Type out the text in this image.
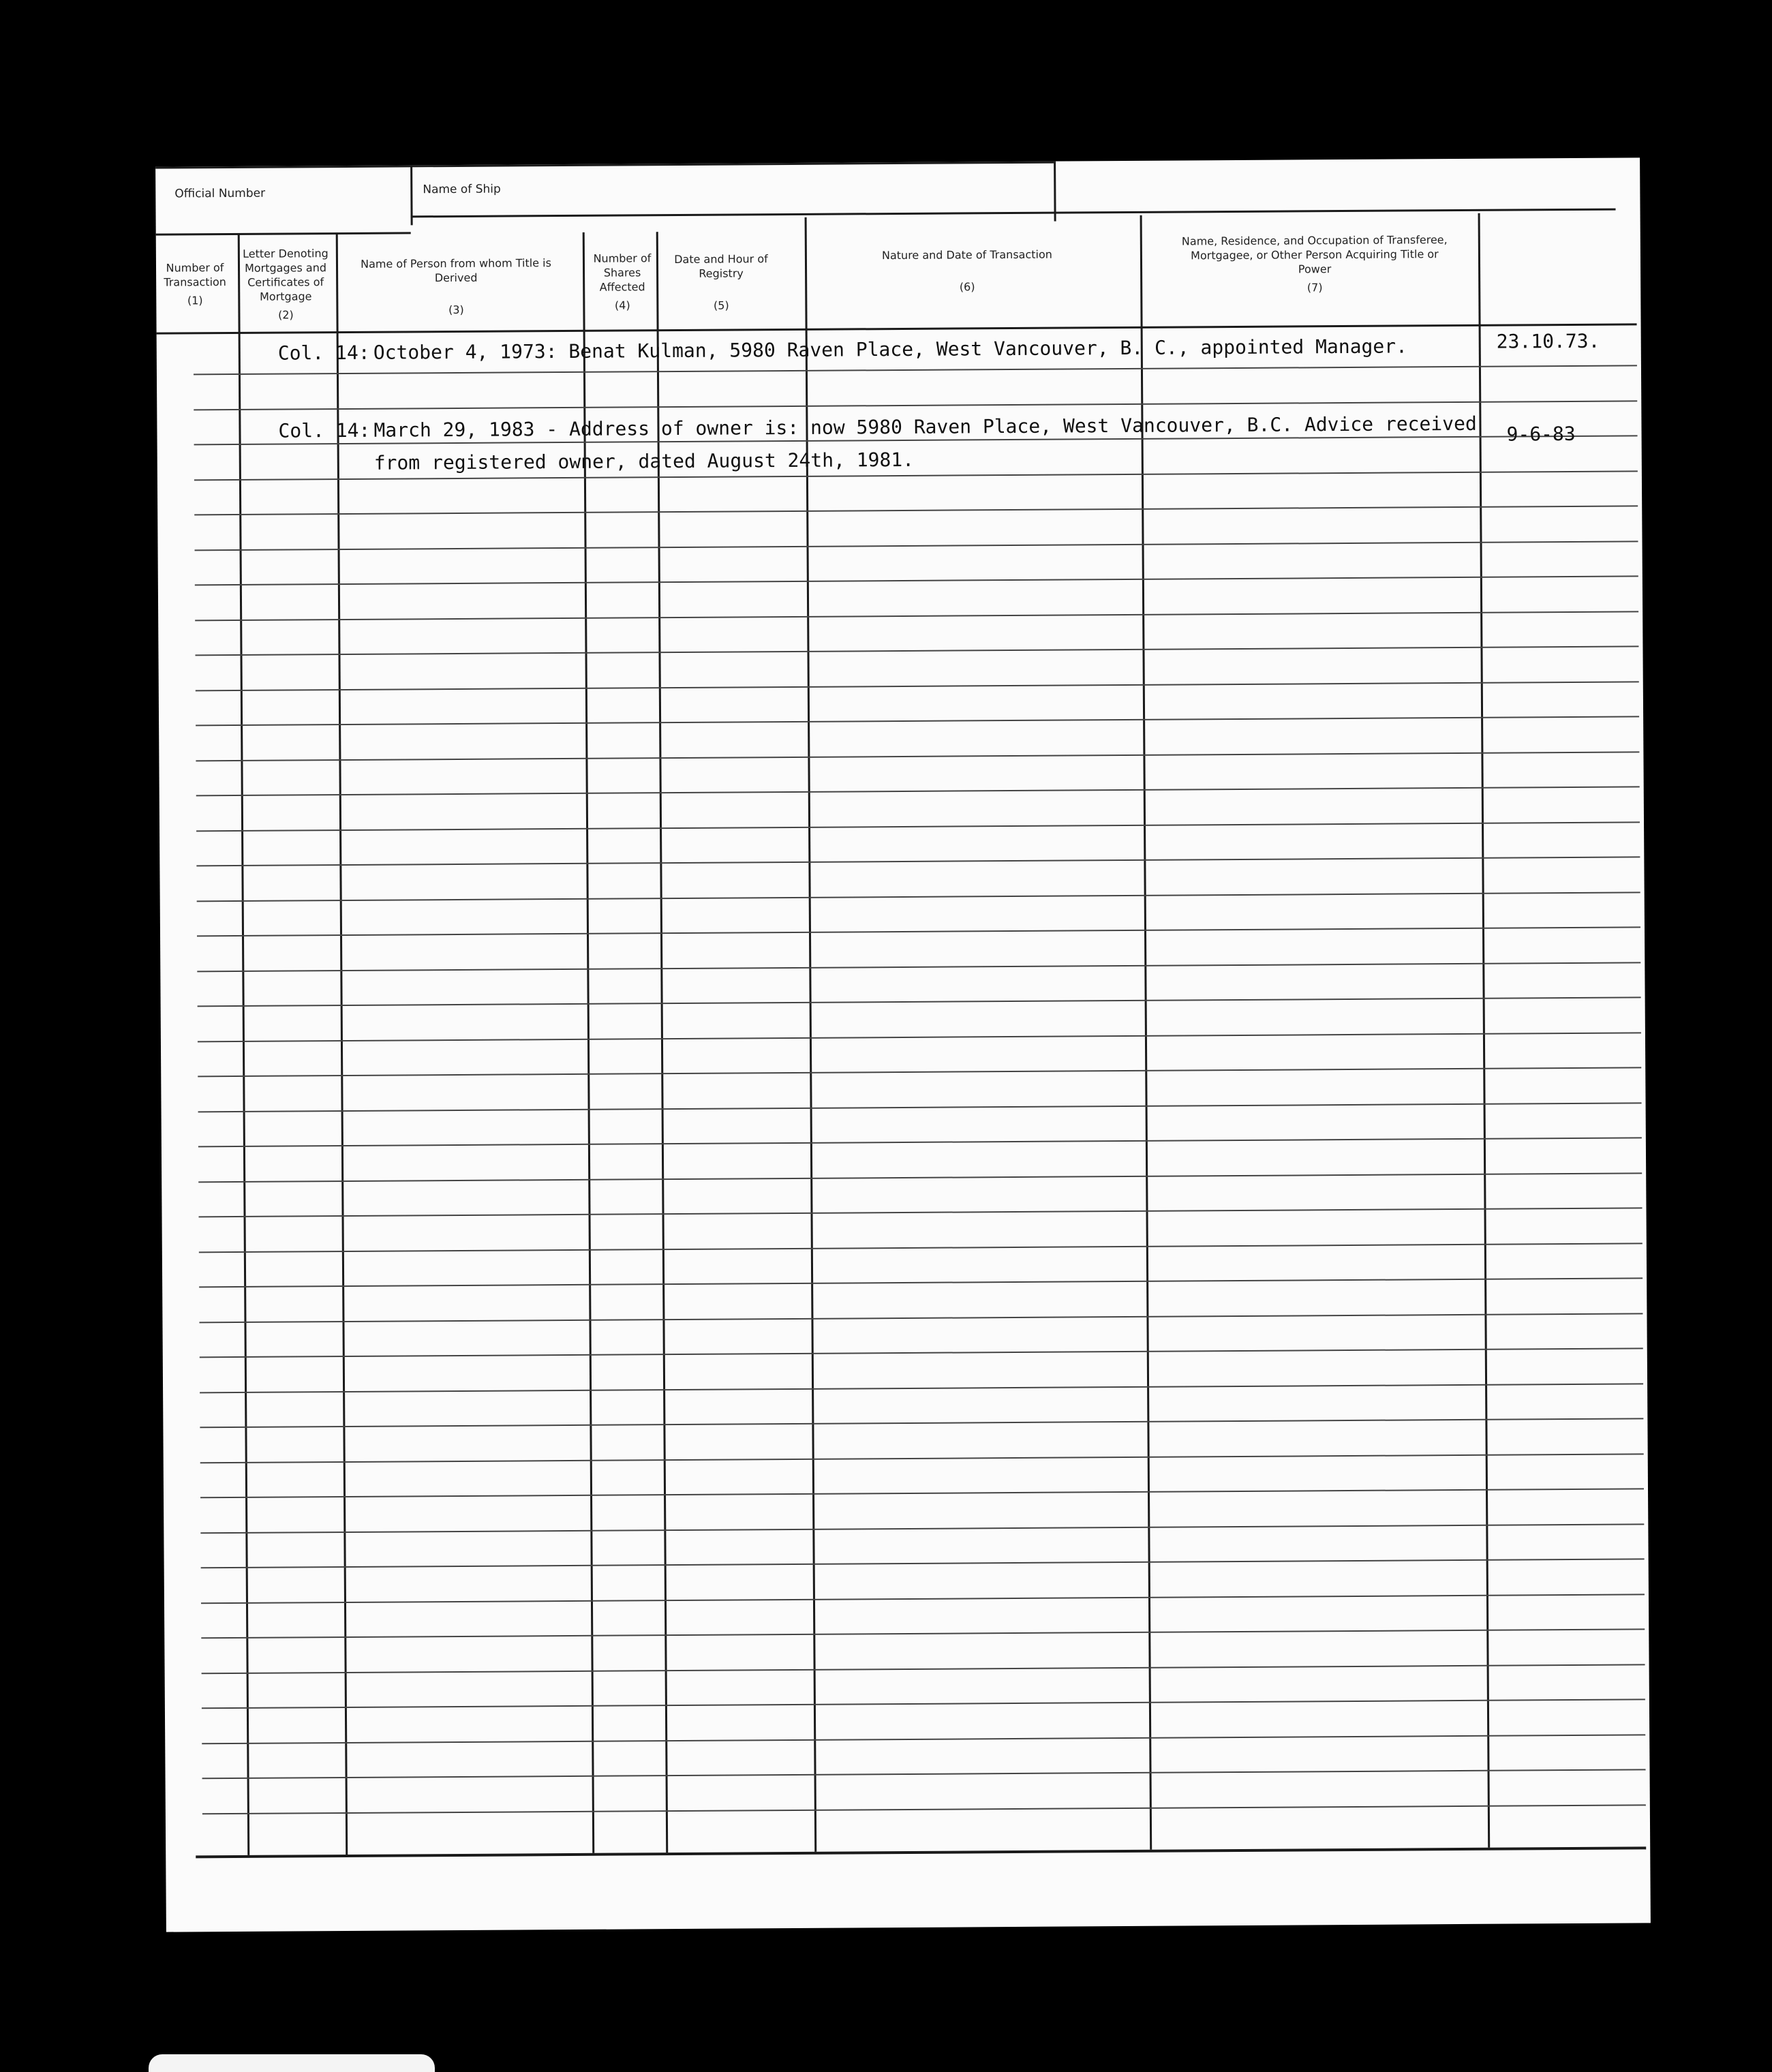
Official Number	Name of Ship
Number of Transaction
(1)
Letter Denoting Mortgages and Certificates of Mortgage
(2)
Name of Person from whom Title is Derived
(3)
Number of Shares Affected
(4)
Date and Hour of Registry
(5)
Nature and Date of Transaction
(6)
Name, Residence, and Occupation of Transferee, Mortgagee, or Other Person Acquiring Title or Power
(7)
Col. 14: October 4, 1973: Benat Kulman, 5980 Raven Place, West Vancouver, B. C., appointed Manager.	23.10.73.
Col. 14: March 29, 1983 - Address of owner is: now 5980 Raven Place, West Vancouver, B.C. Advice received
from registered owner, dated August 24th, 1981.
9-6-83
